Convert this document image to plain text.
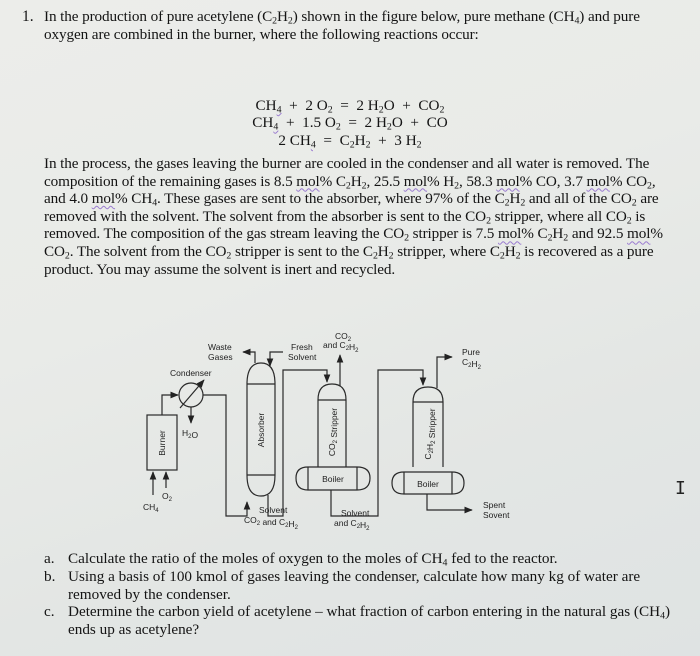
1. In the production of pure acetylene $(C_2H_2)$ shown in the figure below, pure methane $(CH_4)$ and pure oxygen are combined in the burner, where the following reactions occur:
$CH_4 + 2$ $O_2 = 2$ $H_2O + CO_2$
$CH_4 + 1.5$ $O_2 = 2$ $H_2O$  +  CO
2 $CH_4 = C_2H_2 + 3$ $H_2$
In the process, the gases leaving the burner are cooled in the condenser and all water is removed. The composition of the remaining gases is 8.5 mol% $C_2H_2$, 25.5 mol% $H_2$, 58.3 mol% CO, 3.7 mol% $CO_2$, and 4.0 mol% $CH_4$. These gases are sent to the absorber, where 97% of the $C_2H_2$ and all of the $CO_2$ are removed with the solvent. The solvent from the absorber is sent to the $CO_2$ stripper, where all $CO_2$ is removed. The composition of the gas stream leaving the $CO_2$ stripper is 7.5 mol% $C_2H_2$ and 92.5 mol% $CO_2$. The solvent from the $CO_2$ stripper is sent to the $C_2H_2$ stripper, where $C_2H_2$ is recovered as a pure product. You may assume the solvent is inert and recycled.
Burner
Condenser
$H_2O$	Absorber
$CO_2$ Stripper
$C_2H_2$ Stripper
Boiler	Boiler
$CH_4$
$O_2$
Waste
Gases
Fresh
Solvent
$CO_2$
and $C_2H_2$	Pure
$C_2H_2$
Solvent
$CO_2$ and $C_2H_2$
Solvent
and $C_2H_2$
Spent
Sovent
a. Calculate the ratio of the moles of oxygen to the moles of $CH_4$ fed to the reactor.
b. Using a basis of 100 kmol of gases leaving the condenser, calculate how many kg of water are removed by the condenser.
c. Determine the carbon yield of acetylene – what fraction of carbon entering in the natural gas $(CH_4)$ ends up as acetylene?
I
